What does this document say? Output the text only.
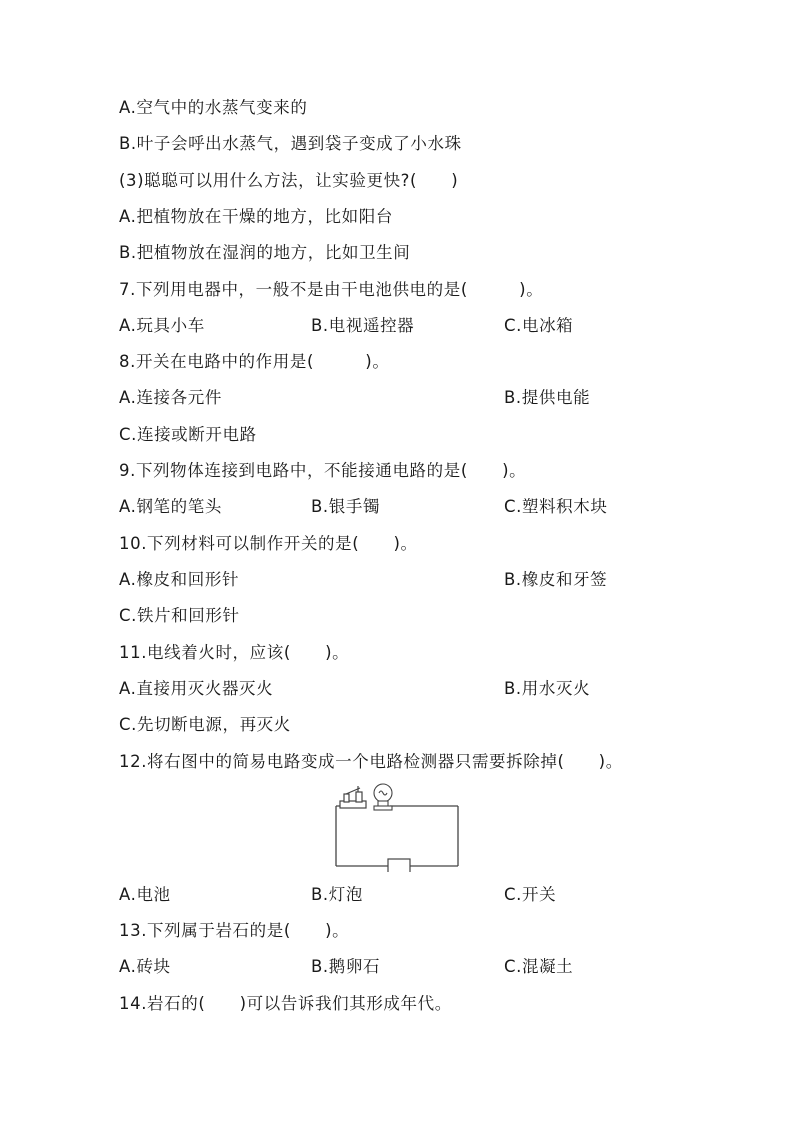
A.空气中的水蒸气变来的
B.叶子会呼出水蒸气，遇到袋子变成了小水珠
(3)聪聪可以用什么方法，让实验更快?(　　)
A.把植物放在干燥的地方，比如阳台
B.把植物放在湿润的地方，比如卫生间
7.下列用电器中，一般不是由干电池供电的是(　　　)。
A.玩具小车	B.电视遥控器	C.电冰箱
8.开关在电路中的作用是(　　　)。
A.连接各元件	B.提供电能
C.连接或断开电路
9.下列物体连接到电路中，不能接通电路的是(　　)。
A.钢笔的笔头	B.银手镯	C.塑料积木块
10.下列材料可以制作开关的是(　　)。
A.橡皮和回形针	B.橡皮和牙签
C.铁片和回形针
11.电线着火时，应该(　　)。
A.直接用灭火器灭火	B.用水灭火
C.先切断电源，再灭火
12.将右图中的简易电路变成一个电路检测器只需要拆除掉(　　)。
A.电池	B.灯泡	C.开关
13.下列属于岩石的是(　　)。
A.砖块	B.鹅卵石	C.混凝土
14.岩石的(　　)可以告诉我们其形成年代。
